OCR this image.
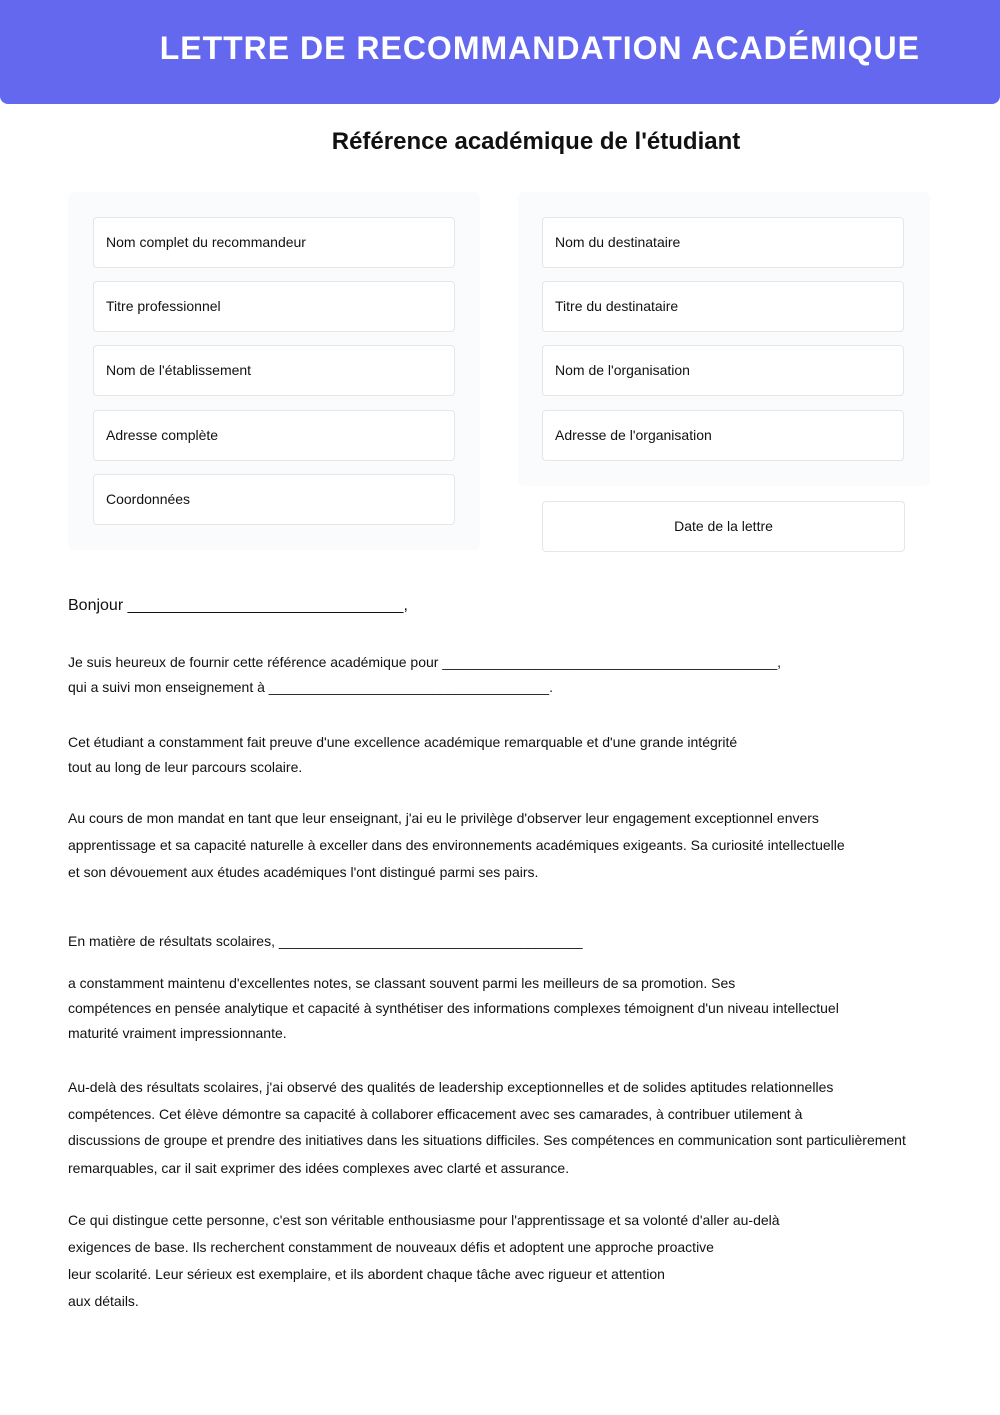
LETTRE DE RECOMMANDATION ACADÉMIQUE
Référence académique de l'étudiant
Nom complet du recommandeur
Titre professionnel
Nom de l'établissement
Adresse complète
Coordonnées
Nom du destinataire
Titre du destinataire
Nom de l'organisation
Adresse de l'organisation
Date de la lettre
Bonjour _______________________________,
Je suis heureux de fournir cette référence académique pour ___________________________________________,
qui a suivi mon enseignement à ____________________________________.
Cet étudiant a constamment fait preuve d'une excellence académique remarquable et d'une grande intégrité
tout au long de leur parcours scolaire.
Au cours de mon mandat en tant que leur enseignant, j'ai eu le privilège d'observer leur engagement exceptionnel envers
apprentissage et sa capacité naturelle à exceller dans des environnements académiques exigeants. Sa curiosité intellectuelle
et son dévouement aux études académiques l'ont distingué parmi ses pairs.
En matière de résultats scolaires, _______________________________________
a constamment maintenu d'excellentes notes, se classant souvent parmi les meilleurs de sa promotion. Ses
compétences en pensée analytique et capacité à synthétiser des informations complexes témoignent d'un niveau intellectuel
maturité vraiment impressionnante.
Au-delà des résultats scolaires, j'ai observé des qualités de leadership exceptionnelles et de solides aptitudes relationnelles
compétences. Cet élève démontre sa capacité à collaborer efficacement avec ses camarades, à contribuer utilement à
discussions de groupe et prendre des initiatives dans les situations difficiles. Ses compétences en communication sont particulièrement
remarquables, car il sait exprimer des idées complexes avec clarté et assurance.
Ce qui distingue cette personne, c'est son véritable enthousiasme pour l'apprentissage et sa volonté d'aller au-delà
exigences de base. Ils recherchent constamment de nouveaux défis et adoptent une approche proactive
leur scolarité. Leur sérieux est exemplaire, et ils abordent chaque tâche avec rigueur et attention
aux détails.
